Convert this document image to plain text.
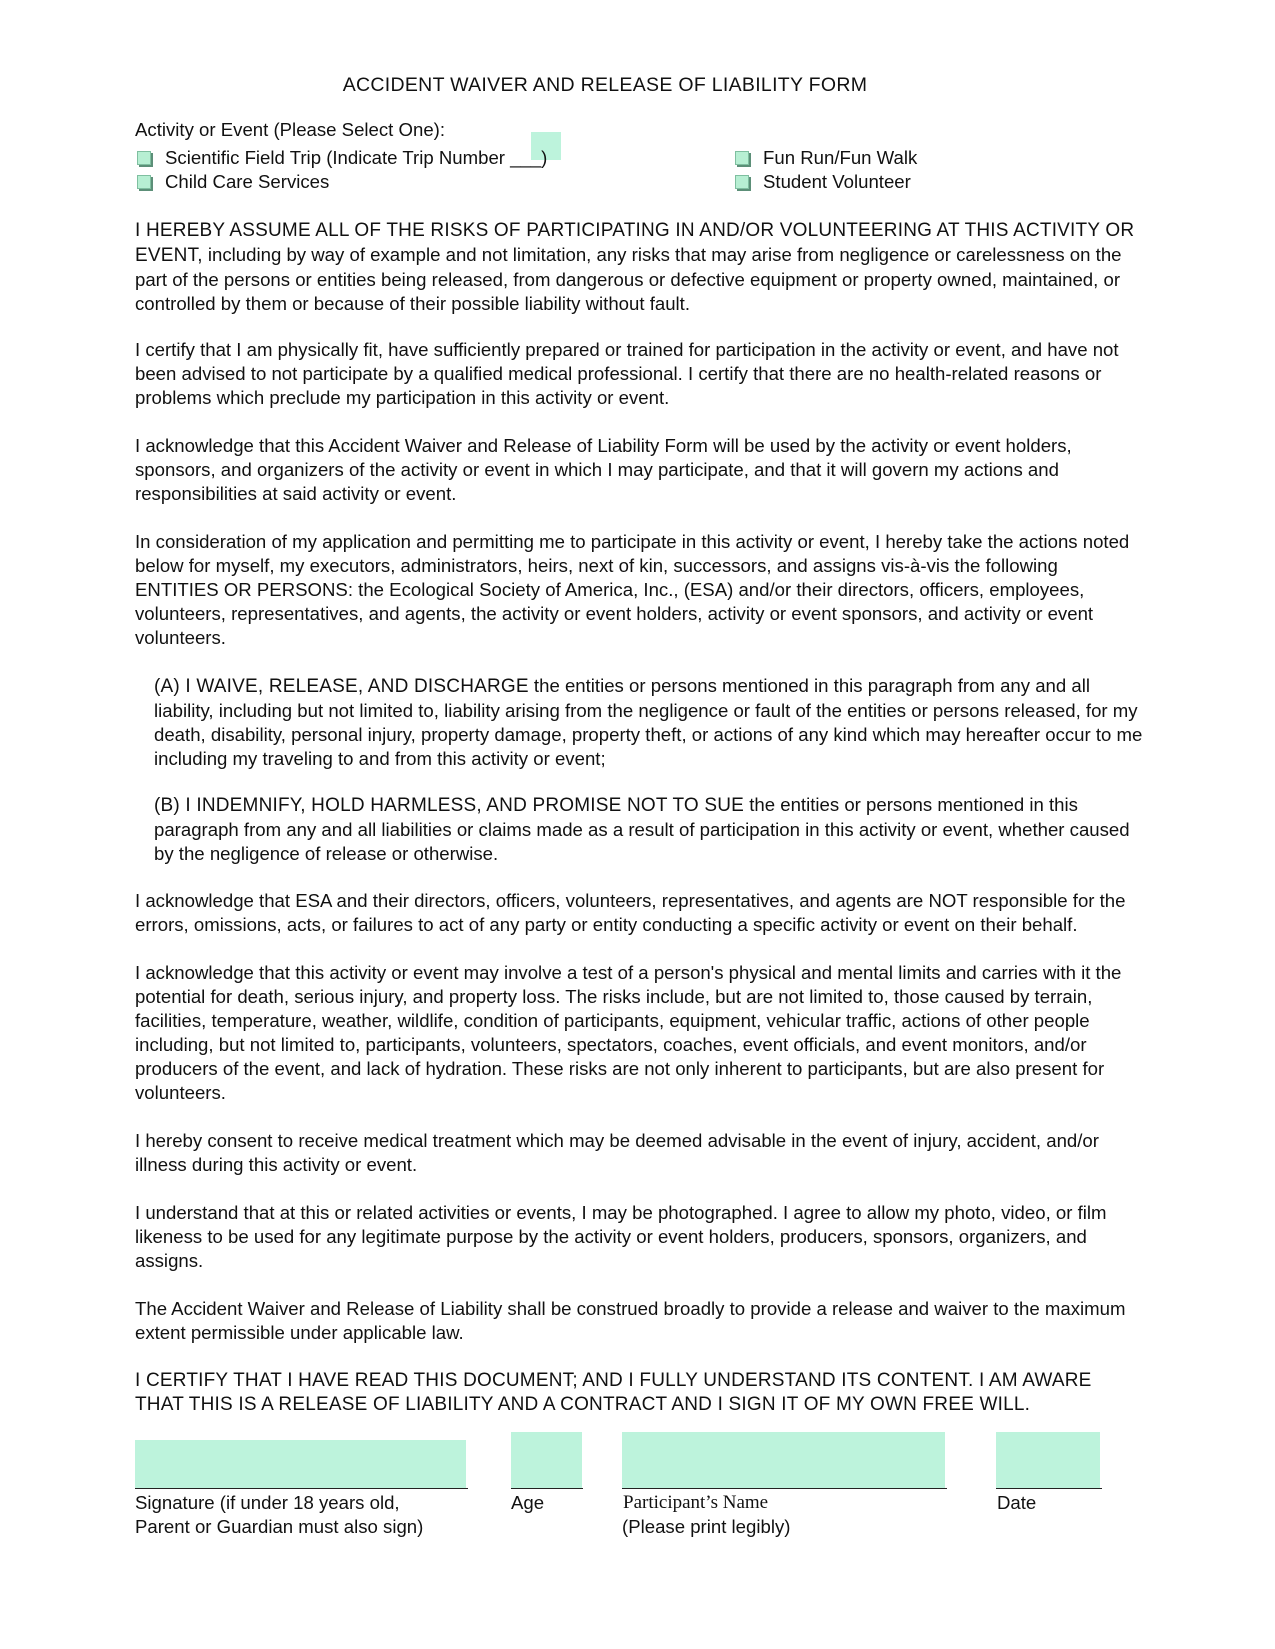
ACCIDENT WAIVER AND RELEASE OF LIABILITY FORM
Activity or Event (Please Select One):
Scientific Field Trip (Indicate Trip Number ___)
Child Care Services
Fun Run/Fun Walk
Student Volunteer
I HEREBY ASSUME ALL OF THE RISKS OF PARTICIPATING IN AND/OR VOLUNTEERING AT THIS ACTIVITY OR EVENT, including by way of example and not limitation, any risks that may arise from negligence or carelessness on the part of the persons or entities being released, from dangerous or defective equipment or property owned, maintained, or controlled by them or because of their possible liability without fault.
I certify that I am physically fit, have sufficiently prepared or trained for participation in the activity or event, and have not been advised to not participate by a qualified medical professional. I certify that there are no health-related reasons or problems which preclude my participation in this activity or event.
I acknowledge that this Accident Waiver and Release of Liability Form will be used by the activity or event holders, sponsors, and organizers of the activity or event in which I may participate, and that it will govern my actions and responsibilities at said activity or event.
In consideration of my application and permitting me to participate in this activity or event, I hereby take the actions noted below for myself, my executors, administrators, heirs, next of kin, successors, and assigns vis-à-vis the following ENTITIES OR PERSONS: the Ecological Society of America, Inc., (ESA) and/or their directors, officers, employees, volunteers, representatives, and agents, the activity or event holders, activity or event sponsors, and activity or event volunteers.
(A) I WAIVE, RELEASE, AND DISCHARGE the entities or persons mentioned in this paragraph from any and all liability, including but not limited to, liability arising from the negligence or fault of the entities or persons released, for my death, disability, personal injury, property damage, property theft, or actions of any kind which may hereafter occur to me including my traveling to and from this activity or event;
(B) I INDEMNIFY, HOLD HARMLESS, AND PROMISE NOT TO SUE the entities or persons mentioned in this paragraph from any and all liabilities or claims made as a result of participation in this activity or event, whether caused by the negligence of release or otherwise.
I acknowledge that ESA and their directors, officers, volunteers, representatives, and agents are NOT responsible for the errors, omissions, acts, or failures to act of any party or entity conducting a specific activity or event on their behalf.
I acknowledge that this activity or event may involve a test of a person's physical and mental limits and carries with it the potential for death, serious injury, and property loss. The risks include, but are not limited to, those caused by terrain, facilities, temperature, weather, wildlife, condition of participants, equipment, vehicular traffic, actions of other people including, but not limited to, participants, volunteers, spectators, coaches, event officials, and event monitors, and/or producers of the event, and lack of hydration. These risks are not only inherent to participants, but are also present for volunteers.
I hereby consent to receive medical treatment which may be deemed advisable in the event of injury, accident, and/or illness during this activity or event.
I understand that at this or related activities or events, I may be photographed. I agree to allow my photo, video, or film likeness to be used for any legitimate purpose by the activity or event holders, producers, sponsors, organizers, and assigns.
The Accident Waiver and Release of Liability shall be construed broadly to provide a release and waiver to the maximum extent permissible under applicable law.
I CERTIFY THAT I HAVE READ THIS DOCUMENT; AND I FULLY UNDERSTAND ITS CONTENT. I AM AWARE THAT THIS IS A RELEASE OF LIABILITY AND A CONTRACT AND I SIGN IT OF MY OWN FREE WILL.
Signature (if under 18 years old,
Parent or Guardian must also sign)
Age	Participant’s Name
(Please print legibly)
Date
